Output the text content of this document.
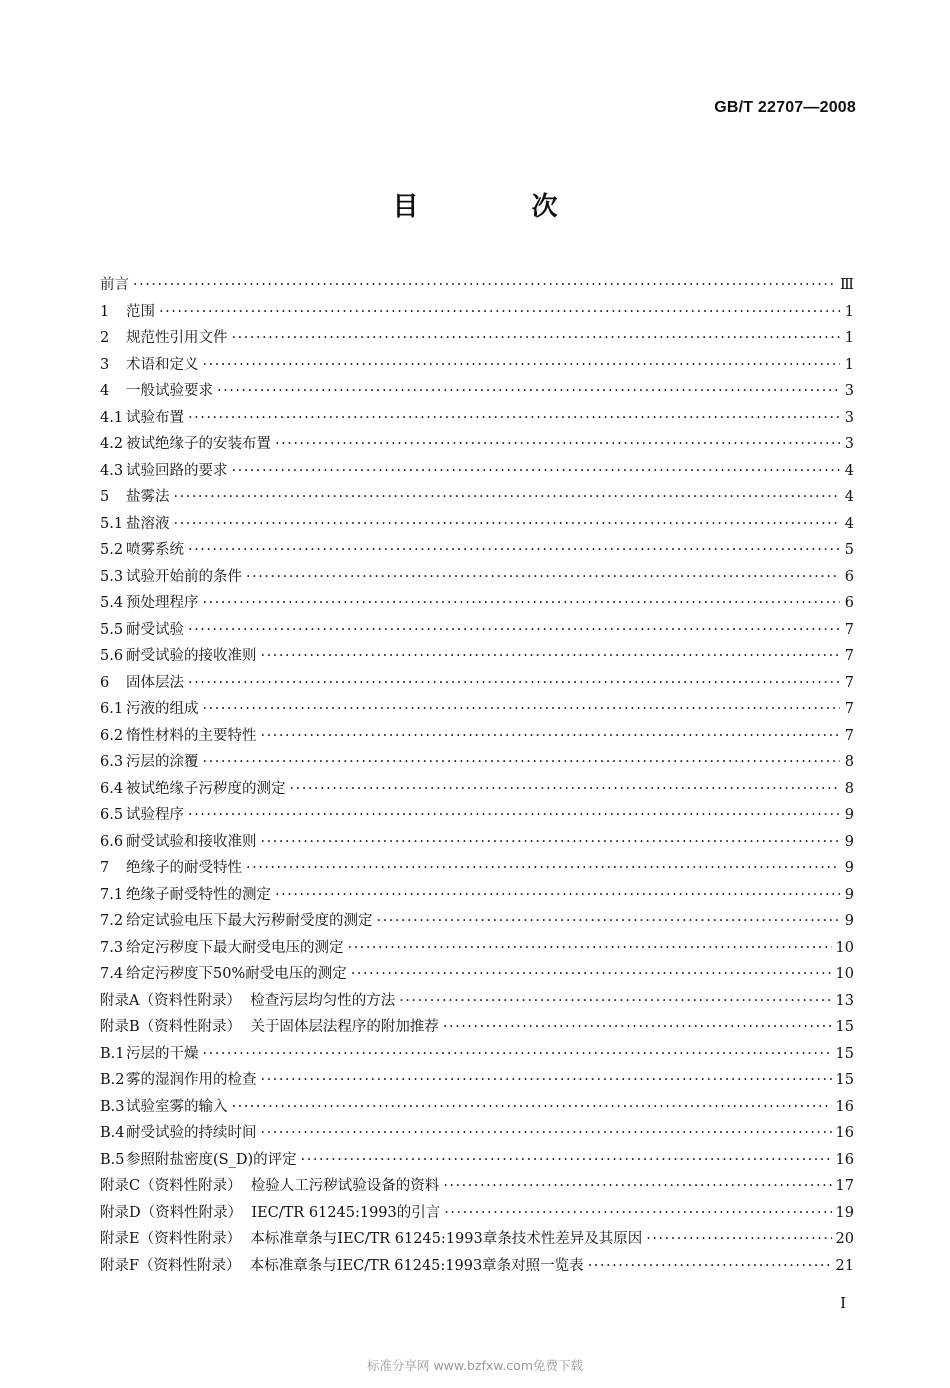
GB/T 22707—2008
目 次
前言 ·····	Ⅲ
1 范围 ·····	1
2 规范性引用文件 ·····	1
3 术语和定义 ·····	1
4 一般试验要求 ·····	3
4.1 试验布置 ·····	3
4.2 被试绝缘子的安装布置 ·····	3
4.3 试验回路的要求 ·····	4
5 盐雾法 ·····	4
5.1 盐溶液 ·····	4
5.2 喷雾系统 ·····	5
5.3 试验开始前的条件 ·····	6
5.4 预处理程序 ·····	6
5.5 耐受试验 ·····	7
5.6 耐受试验的接收准则 ·····	7
6 固体层法 ·····	7
6.1 污液的组成 ·····	7
6.2 惰性材料的主要特性 ·····	7
6.3 污层的涂覆 ·····	8
6.4 被试绝缘子污秽度的测定 ·····	8
6.5 试验程序 ·····	9
6.6 耐受试验和接收准则 ·····	9
7 绝缘子的耐受特性 ·····	9
7.1 绝缘子耐受特性的测定 ·····	9
7.2 给定试验电压下最大污秽耐受度的测定 ·····	9
7.3 给定污秽度下最大耐受电压的测定 ·····	10
7.4 给定污秽度下50%耐受电压的测定 ·····	10
附录A（资料性附录） 检查污层均匀性的方法 ·····	13
附录B（资料性附录） 关于固体层法程序的附加推荐 ·····	15
B.1 污层的干燥 ·····	15
B.2 雾的湿润作用的检查 ·····	15
B.3 试验室雾的输入 ·····	16
B.4 耐受试验的持续时间 ·····	16
B.5 参照附盐密度(S_D)的评定 ·····	16
附录C（资料性附录） 检验人工污秽试验设备的资料 ·····	17
附录D（资料性附录） IEC/TR 61245:1993的引言 ·····	19
附录E（资料性附录） 本标准章条与IEC/TR 61245:1993章条技术性差异及其原因 ·····	20
附录F（资料性附录） 本标准章条与IEC/TR 61245:1993章条对照一览表 ·····	21
I
标准分享网 www.bzfxw.com免费下载
